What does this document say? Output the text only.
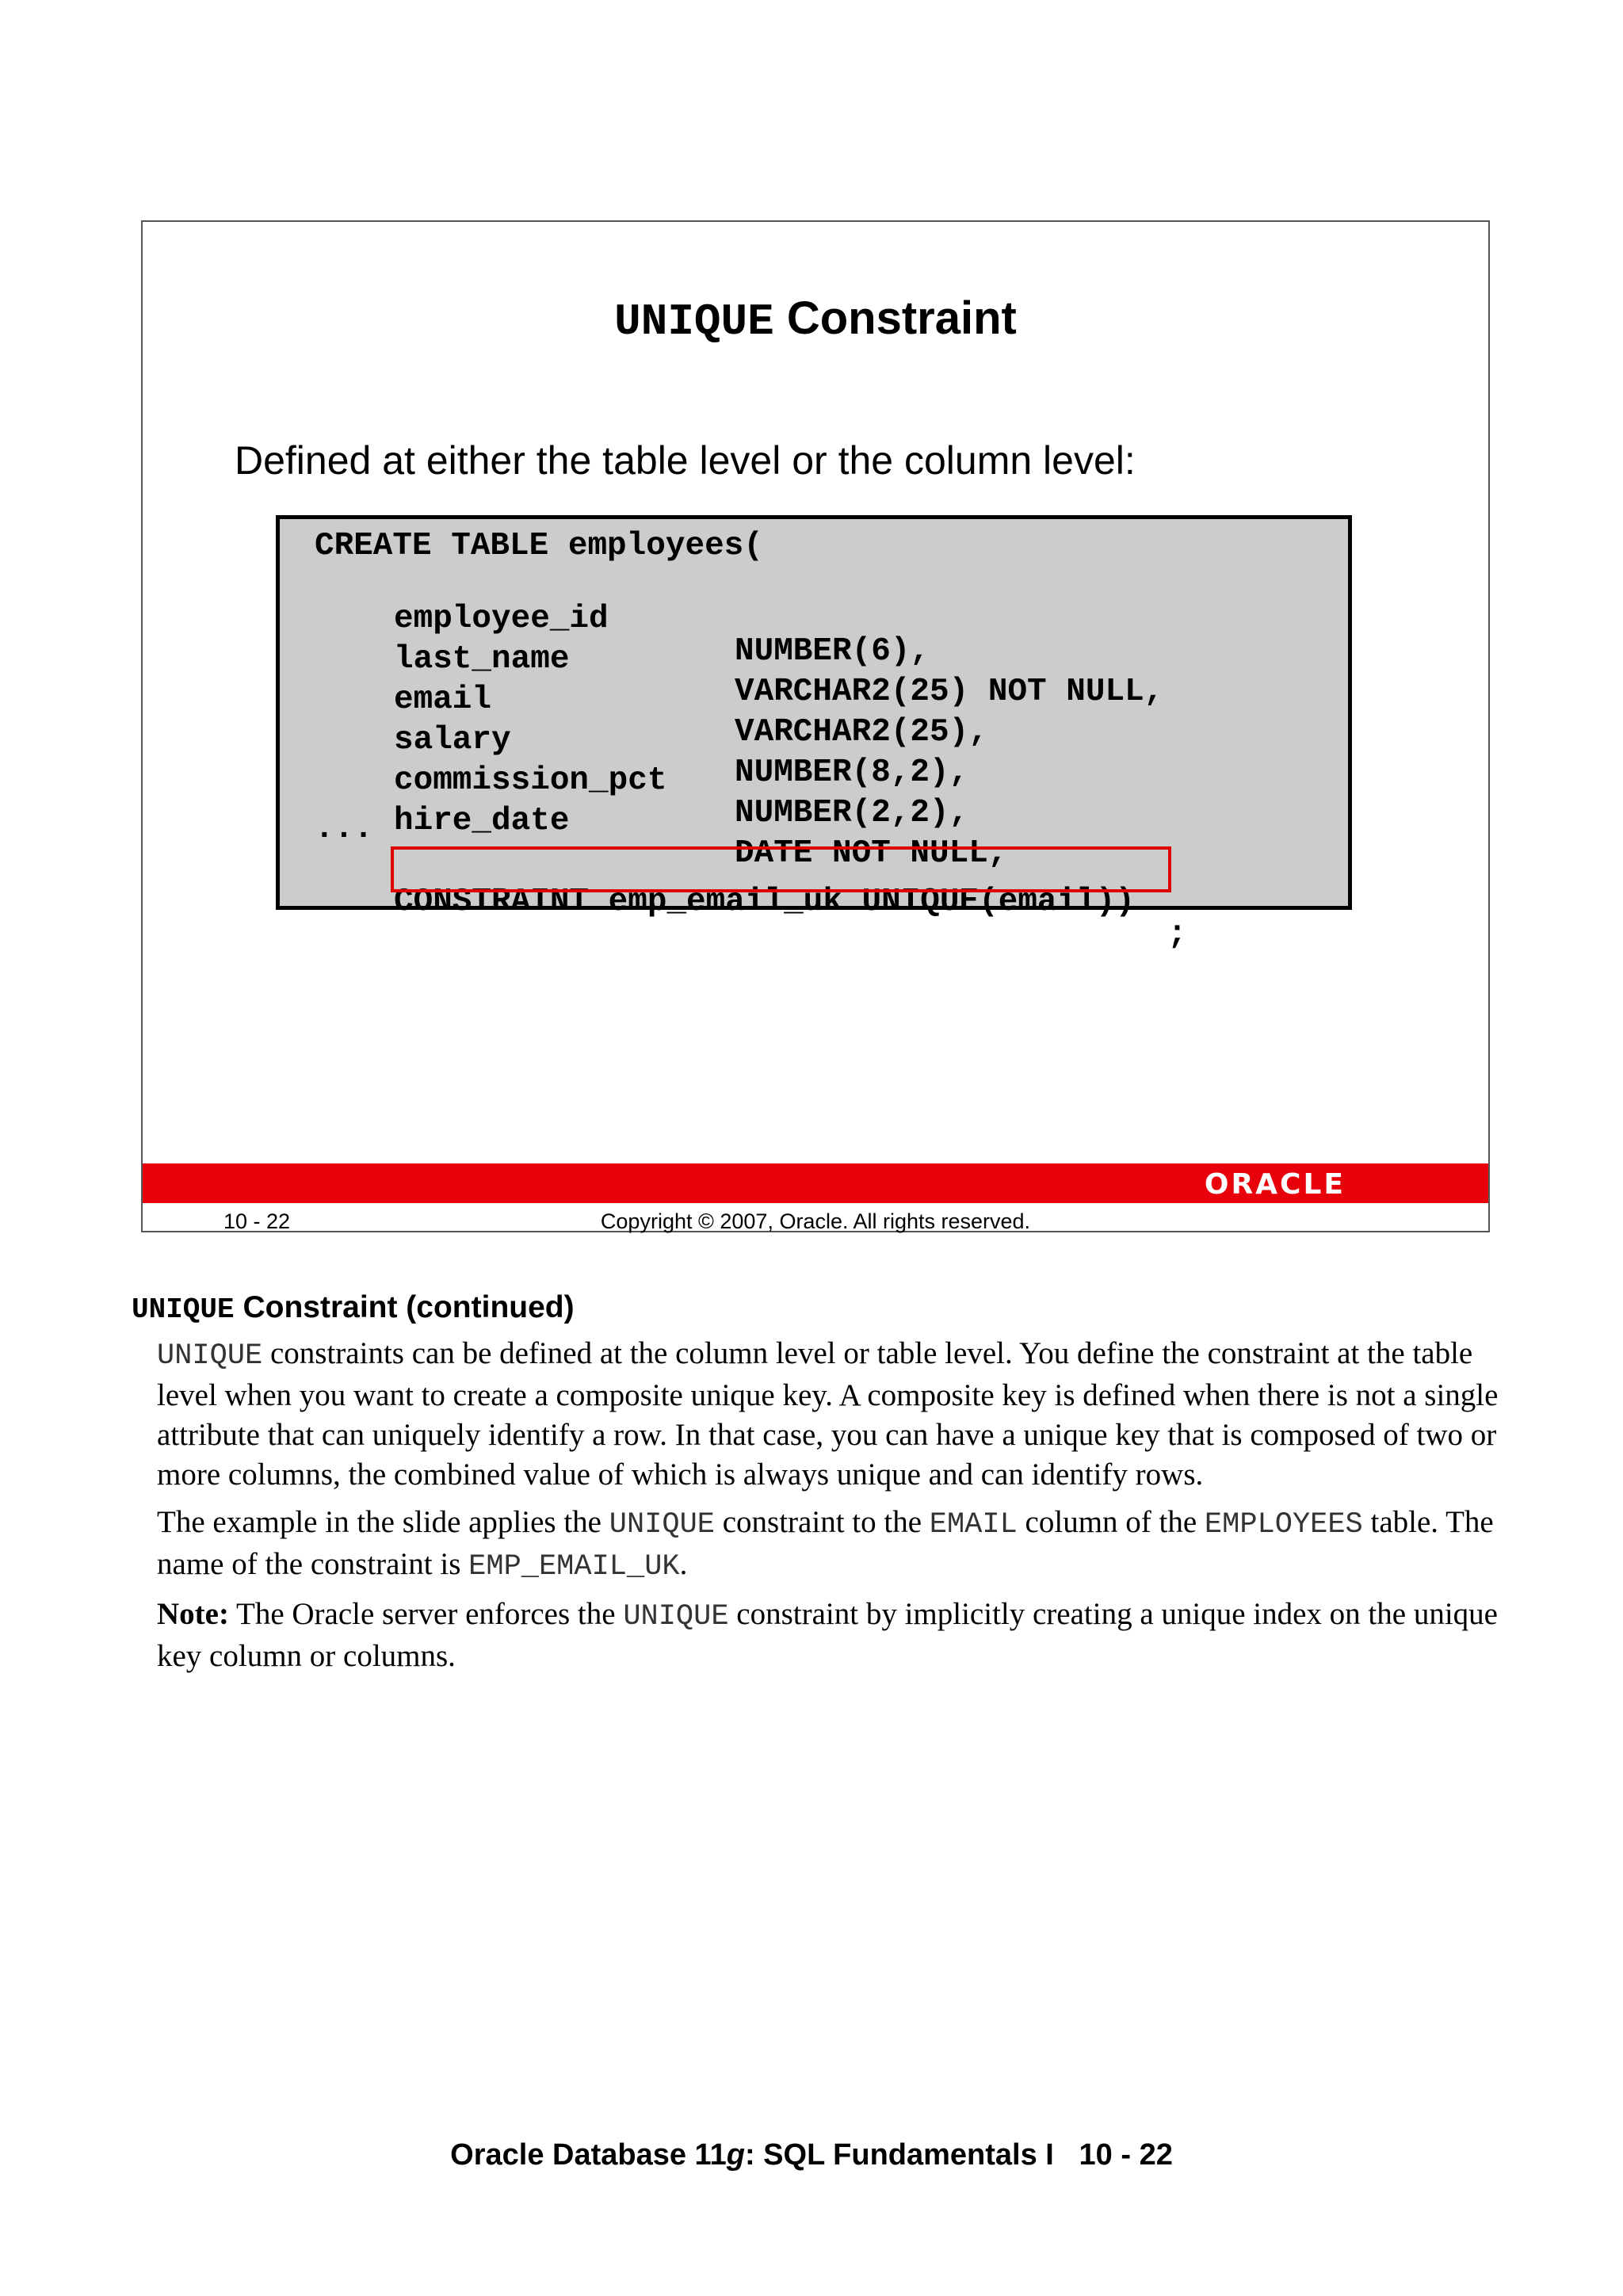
UNIQUE Constraint
Defined at either the table level or the column level:
CREATE TABLE employees(

employee_id

NUMBER(6),

last_name

VARCHAR2(25) NOT NULL,

email

VARCHAR2(25),

salary

NUMBER(8,2),

commission_pct

NUMBER(2,2),

hire_date

DATE NOT NULL,

...

CONSTRAINT emp_email_uk UNIQUE(email))

;

ORACLE
10 - 22	Copyright © 2007, Oracle. All rights reserved.
UNIQUE Constraint (continued)
UNIQUE constraints can be defined at the column level or table level. You define the constraint at the table level when you want to create a composite unique key. A composite key is defined when there is not a single attribute that can uniquely identify a row. In that case, you can have a unique key that is composed of two or more columns, the combined value of which is always unique and can identify rows.
The example in the slide applies the UNIQUE constraint to the EMAIL column of the EMPLOYEES table. The name of the constraint is EMP_EMAIL_UK.
Note: The Oracle server enforces the UNIQUE constraint by implicitly creating a unique index on the unique key column or columns.
Oracle Database 11g: SQL Fundamentals I   10 - 22
